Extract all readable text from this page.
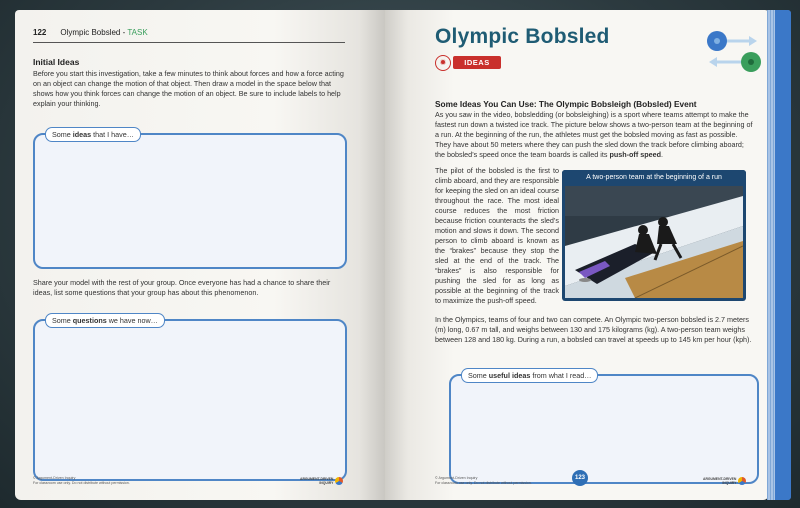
122 Olympic Bobsled - TASK
Initial Ideas
Before you start this investigation, take a few minutes to think about forces and how a force acting on an object can change the motion of that object. Then draw a model in the space below that shows how you think forces can change the motion of an object. Be sure to include labels to help explain your thinking.
Some ideas that I have…
Share your model with the rest of your group. Once everyone has had a chance to share their ideas, list some questions that your group has about this phenomenon.
Some questions we have now…
© Argument-Driven Inquiry
For classroom use only. Do not distribute without permission.
ARGUMENT-DRIVEN
INQUIRY
Olympic Bobsled
✹	IDEAS
Some Ideas You Can Use: The Olympic Bobsleigh (Bobsled) Event
As you saw in the video, bobsledding (or bobsleighing) is a sport where teams attempt to make the fastest run down a twisted ice track. The picture below shows a two-person team at the beginning of a run. At the beginning of the run, the athletes must get the bobsled moving as fast as possible. They have about 50 meters where they can push the sled down the track before climbing aboard; the bobsled’s speed once the team boards is called its push-off speed.
The pilot of the bobsled is the first to climb aboard, and they are responsible for keeping the sled on an ideal course throughout the race. The most ideal course reduces the most friction because friction counteracts the sled’s motion and slows it down. The second person to climb aboard is known as the “brakes” because they stop the sled at the end of the track. The “brakes” is also responsible for pushing the sled for as long as possible at the beginning of the track to maximize the push-off speed.
A two-person team at the beginning of a run
In the Olympics, teams of four and two can compete. An Olympic two-person bobsled is 2.7 meters (m) long, 0.67 m tall, and weighs between 130 and 175 kilograms (kg). A two-person team weighs between 128 and 180 kg. During a run, a bobsled can travel at speeds up to 145 km per hour (kph).
Some useful ideas from what I read…
© Argument-Driven Inquiry
For classroom use only. Do not distribute without permission.
123	ARGUMENT-DRIVEN
INQUIRY
